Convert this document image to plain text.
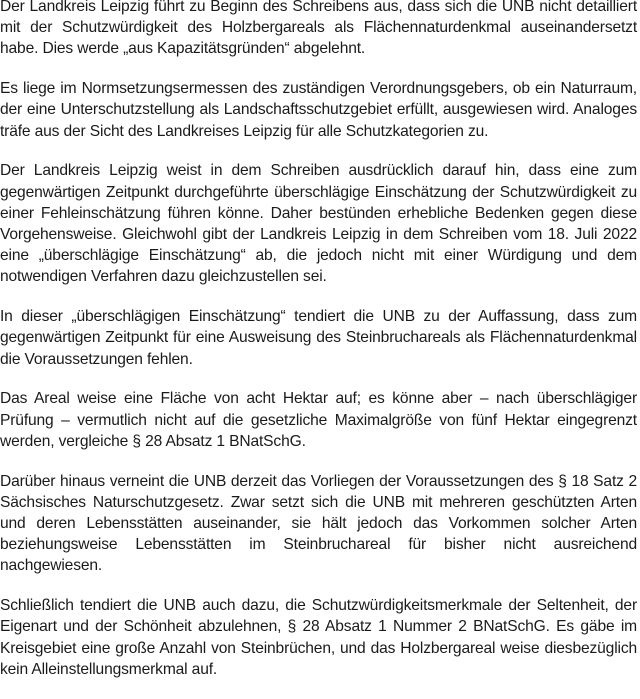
Der Landkreis Leipzig führt zu Beginn des Schreibens aus, dass sich die UNB nicht detailliert mit der Schutzwürdigkeit des Holzbergareals als Flächennaturdenkmal auseinandersetzt habe. Dies werde „aus Kapazitätsgründen“ abgelehnt.

Es liege im Normsetzungsermessen des zuständigen Verordnungsgebers, ob ein Naturraum, der eine Unterschutzstellung als Landschaftsschutzgebiet erfüllt, ausgewiesen wird. Analoges träfe aus der Sicht des Landkreises Leipzig für alle Schutzkategorien zu.

Der Landkreis Leipzig weist in dem Schreiben ausdrücklich darauf hin, dass eine zum gegenwärtigen Zeitpunkt durchgeführte überschlägige Einschätzung der Schutzwürdigkeit zu einer Fehleinschätzung führen könne. Daher bestünden erhebliche Bedenken gegen diese Vorgehensweise. Gleichwohl gibt der Landkreis Leipzig in dem Schreiben vom 18. Juli 2022 eine „überschlägige Einschätzung“ ab, die jedoch nicht mit einer Würdigung und dem notwendigen Verfahren dazu gleichzustellen sei.

In dieser „überschlägigen Einschätzung“ tendiert die UNB zu der Auffassung, dass zum gegenwärtigen Zeitpunkt für eine Ausweisung des Steinbruchareals als Flächennaturdenkmal die Voraussetzungen fehlen.

Das Areal weise eine Fläche von acht Hektar auf; es könne aber – nach überschlägiger Prüfung – vermutlich nicht auf die gesetzliche Maximalgröße von fünf Hektar eingegrenzt werden, vergleiche § 28 Absatz 1 BNatSchG.

Darüber hinaus verneint die UNB derzeit das Vorliegen der Voraussetzungen des § 18 Satz 2 Sächsisches Naturschutzgesetz. Zwar setzt sich die UNB mit mehreren geschützten Arten und deren Lebensstätten auseinander, sie hält jedoch das Vorkommen solcher Arten beziehungsweise Lebensstätten im Steinbruchareal für bisher nicht ausreichend nachgewiesen.

Schließlich tendiert die UNB auch dazu, die Schutzwürdigkeitsmerkmale der Seltenheit, der Eigenart und der Schönheit abzulehnen, § 28 Absatz 1 Nummer 2 BNatSchG. Es gäbe im Kreisgebiet eine große Anzahl von Steinbrüchen, und das Holzbergareal weise diesbezüglich kein Alleinstellungsmerkmal auf.
